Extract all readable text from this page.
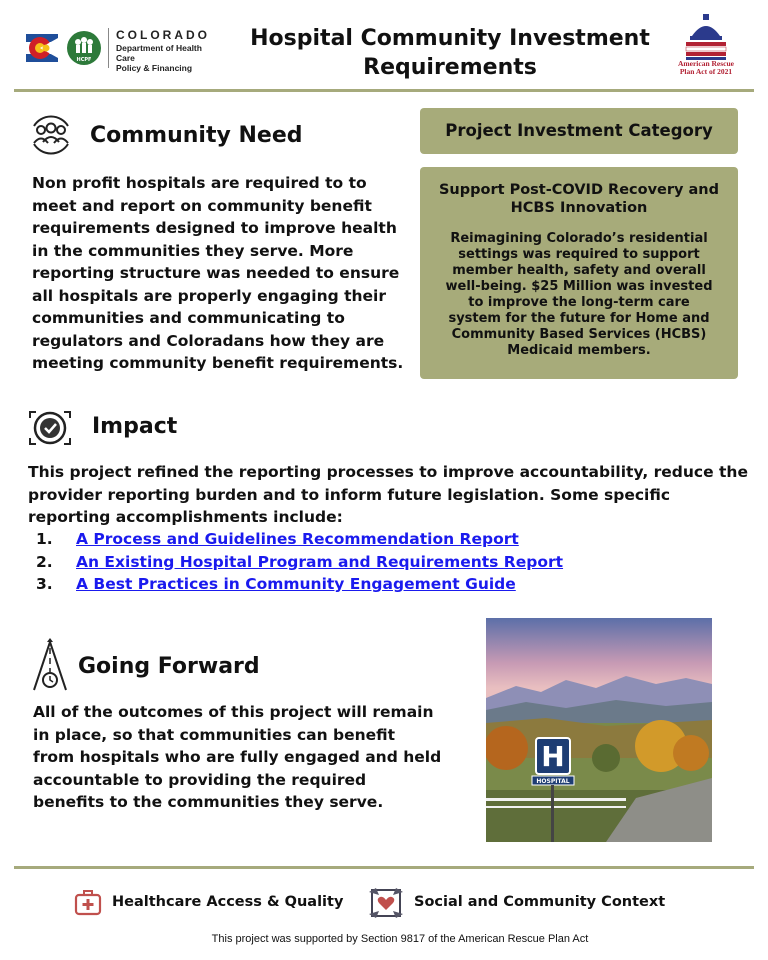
HCPF
COLORADO
Department of Health Care
Policy & Financing
Hospital Community Investment
Requirements	American Rescue
Plan Act of 2021
Community Need
Non profit hospitals are required to to
meet and report on community benefit
requirements designed to improve health
in the communities they serve. More
reporting structure was needed to ensure
all hospitals are properly engaging their
communities and communicating to
regulators and Coloradans how they are
meeting community benefit requirements.
Project Investment Category
Support Post-COVID Recovery and
HCBS Innovation
Reimagining Colorado’s residential
settings was required to support
member health, safety and overall
well-being. $25 Million was invested
to improve the long-term care
system for the future for Home and
Community Based Services (HCBS)
Medicaid members.
Impact
This project refined the reporting processes to improve accountability, reduce the
provider reporting burden and to inform future legislation. Some specific
reporting accomplishments include:
1. A Process and Guidelines Recommendation Report
2. An Existing Hospital Program and Requirements Report
3. A Best Practices in Community Engagement Guide
Going Forward
All of the outcomes of this project will remain
in place, so that communities can benefit
from hospitals who are fully engaged and held
accountable to providing the required
benefits to the communities they serve.
H
HOSPITAL
Healthcare Access & Quality	Social and Community Context
This project was supported by Section 9817 of the American Rescue Plan Act
